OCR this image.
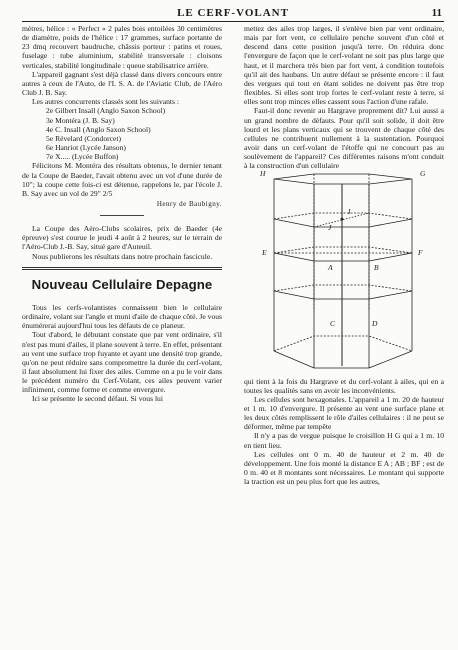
LE CERF-VOLANT	11

mètres, hélice : « Perfect » 2 pales bois entoilées 30 centimètres de diamètre, poids de l'hélice : 17 grammes, surface portante de 23 dmq recouvert baudruche, châssis porteur : patins et roues, fuselage : tube aluminium, stabilité transversale : cloisons verticales, stabilité longitudinale : queue stabilisatrice arrière.

L'appareil gagnant s'est déjà classé dans divers concours entre autres à ceux de l'Auto, de l'I. S. A. de l'Aviatic Club, de l'Aéro Club J. B. Say.

Les autres concurrents classés sont les suivants :

2e Gilbert Insall (Anglo Saxon School)

3e Montéra (J. B. Say)

4e C. Insall (Anglo Saxon School)

5e Révelard (Condorcet)

6e Hanriot (Lycée Janson)

7e X..... (Lycée Buffon)

Félicitons M. Montéra des résultats obtenus, le dernier tenant de la Coupe de Baeder, l'avait obtenu avec un vol d'une durée de 10"; la coupe cette fois-ci est détenue, rappelons le, par l'école J. B. Say avec un vol de 29" 2/5

Henry de Baubigny.

La Coupe des Aéro-Clubs scolaires, prix de Baeder (4e épreuve) s'est courue le jeudi 4 août à 2 heures, sur le terrain de l'Aéro-Club J.-B. Say, situé gare d'Auteuil.

Nous publierons les résultats dans notre prochain fascicule.

Nouveau Cellulaire Depagne

Tous les cerfs-volantistes connaissent bien le cellulaire ordinaire, volant sur l'angle et muni d'aile de chaque côté. Je vous énumérerai aujourd'hui tous les défauts de ce planeur.

Tout d'abord, le débutant constate que par vent ordinaire, s'il n'est pas muni d'ailes, il plane souvent à terre. En effet, présentant au vent une surface trop fuyante et ayant une densité trop grande, qu'on ne peut réduire sans compromettre la durée du cerf-volant, il faut absolument lui fixer des ailes. Comme on a pu le voir dans le précédent numéro du Cerf-Volant, ces ailes peuvent varier infiniment, comme forme et comme envergure.

Ici se présente le second défaut. Si vous lui

mettez des ailes trop larges, il s'enlève bien par vent ordinaire, mais par fort vent, ce cellulaire penche souvent d'un côté et descend dans cette position jusqu'à terre. On réduira donc l'envergure de façon que le cerf-volant ne soit pas plus large que haut, et il marchera très bien par fort vent, à condition toutefois qu'il ait des haubans. Un autre défaut se présente encore : il faut des vergues qui tout en étant solides ne doivent pas être trop flexibles. Si elles sont trop fortes le cerf-volant reste à terre, si elles sont trop minces elles cassent sous l'action d'une rafale.

Faut-il donc revenir au Hargrave proprement dit? Lui aussi a un grand nombre de défauts. Pour qu'il soit solide, il doit être lourd et les plans verticaux qui se trouvent de chaque côté des cellules ne contribuent nullement à la sustentation. Pourquoi avoir dans un cerf-volant de l'étoffe qui ne concourt pas au soulèvement de l'appareil? Ces différentes raisons m'ont conduit à la construction d'un cellulaire

H	G
I
J
E	F
A	B
C	D

qui tient à la fois du Hargrave et du cerf-volant à ailes, qui en a toutes les qualités sans en avoir les inconvénients.

Les cellules sont hexagonales. L'appareil a 1 m. 20 de hauteur et 1 m. 10 d'envergure. Il présente au vent une surface plane et les deux côtés remplissent le rôle d'ailes cellulaires : il ne peut se déformer, même par tempête

Il n'y a pas de vergue puisque le croisillon H G qui a 1 m. 10 en tient lieu.

Les cellules ont 0 m. 40 de hauteur et 2 m. 40 de développement. Une fois monté la distance E A ; AB ; BF ; est de 0 m. 40 et 8 montants sont nécessaires. Le montant qui supporte la traction est un peu plus fort que les autres,
